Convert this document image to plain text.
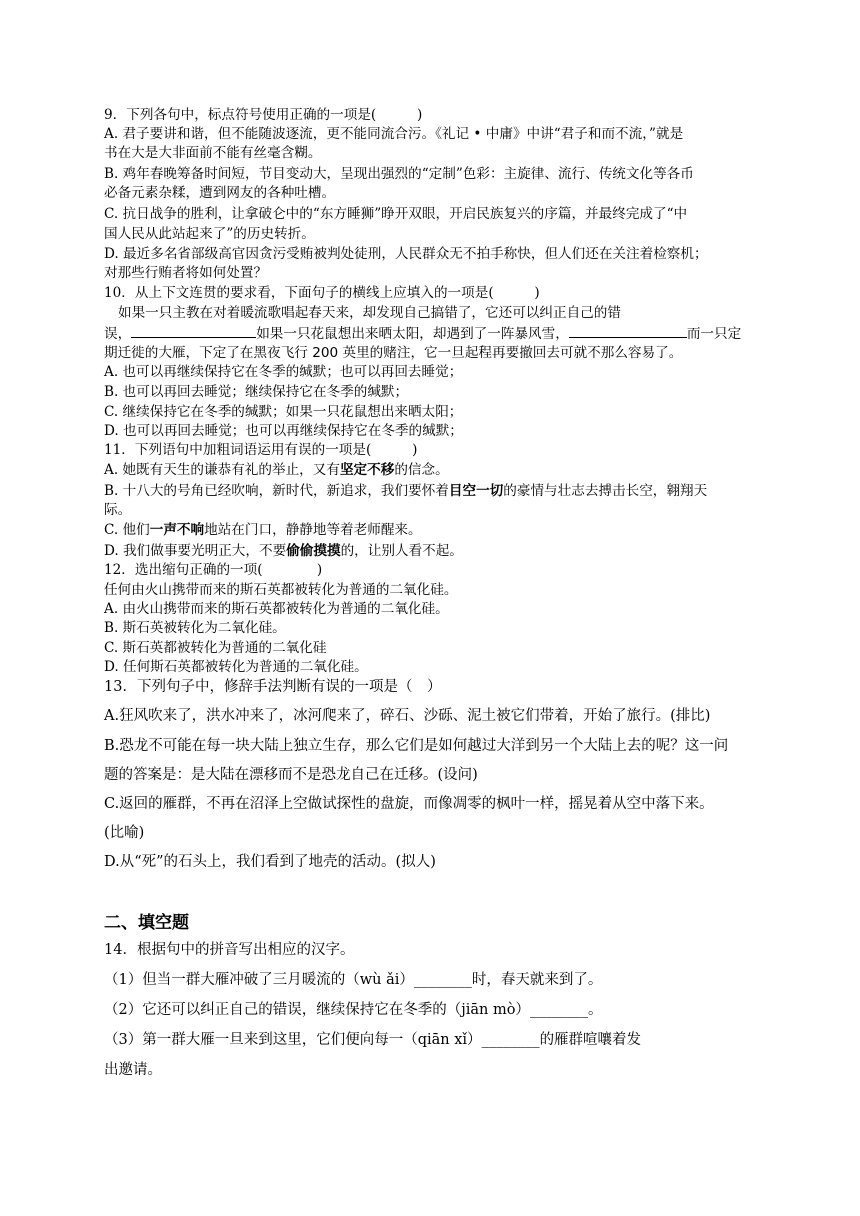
9．下列各句中，标点符号使用正确的一项是(　　　)
A. 君子要讲和谐，但不能随波逐流，更不能同流合污。《礼记 • 中庸》中讲“君子和而不流，”就是
书在大是大非面前不能有丝毫含糊。
B. 鸡年春晚筹备时间短，节目变动大，呈现出强烈的“定制”色彩：主旋律、流行、传统文化等各币
必备元素杂糅，遭到网友的各种吐槽。
C. 抗日战争的胜利，让拿破仑中的“东方睡狮”睁开双眼，开启民族复兴的序篇，并最终完成了“中
国人民从此站起来了”的历史转折。
D. 最近多名省部级高官因贪污受贿被判处徒刑，人民群众无不拍手称快，但人们还在关注着检察机；
对那些行贿者将如何处置？
10．从上下文连贯的要求看，下面句子的横线上应填入的一项是(　　　)
如果一只主教在对着暖流歌唱起春天来，却发现自己搞错了，它还可以纠正自己的错
误，	如果一只花鼠想出来晒太阳，却遇到了一阵暴风雪，	而一只定
期迁徙的大雁，下定了在黑夜飞行 200 英里的赌注，它一旦起程再要撤回去可就不那么容易了。
A. 也可以再继续保持它在冬季的缄默；也可以再回去睡觉；
B. 也可以再回去睡觉；继续保持它在冬季的缄默；
C. 继续保持它在冬季的缄默；如果一只花鼠想出来晒太阳；
D. 也可以再回去睡觉；也可以再继续保持它在冬季的缄默；
11．下列语句中加粗词语运用有误的一项是(　　　)
A. 她既有天生的谦恭有礼的举止，又有坚定不移的信念。
B. 十八大的号角已经吹响，新时代，新追求，我们要怀着目空一切的豪情与壮志去搏击长空，翱翔天
际。
C. 他们一声不响地站在门口，静静地等着老师醒来。
D. 我们做事要光明正大，不要偷偷摸摸的，让别人看不起。
12．选出缩句正确的一项(　　　　)
任何由火山携带而来的斯石英都被转化为普通的二氧化硅。
A. 由火山携带而来的斯石英都被转化为普通的二氧化硅。
B. 斯石英被转化为二氧化硅。
C. 斯石英都被转化为普通的二氧化硅
D. 任何斯石英都被转化为普通的二氧化硅。
13．下列句子中，修辞手法判断有误的一项是（　）
A.狂风吹来了，洪水冲来了，冰河爬来了，碎石、沙砾、泥土被它们带着，开始了旅行。(排比)
B.恐龙不可能在每一块大陆上独立生存，那么它们是如何越过大洋到另一个大陆上去的呢？这一问
题的答案是：是大陆在漂移而不是恐龙自己在迁移。(设问)
C.返回的雁群，不再在沼泽上空做试探性的盘旋，而像凋零的枫叶一样，摇晃着从空中落下来。
(比喻)
D.从“死”的石头上，我们看到了地壳的活动。(拟人)
二、填空题
14．根据句中的拼音写出相应的汉字。
（1）但当一群大雁冲破了三月暖流的（wù ǎi）________时，春天就来到了。
（2）它还可以纠正自己的错误，继续保持它在冬季的（jiān mò）________。
（3）第一群大雁一旦来到这里，它们便向每一（qiān xǐ）________的雁群喧嚷着发
出邀请。
